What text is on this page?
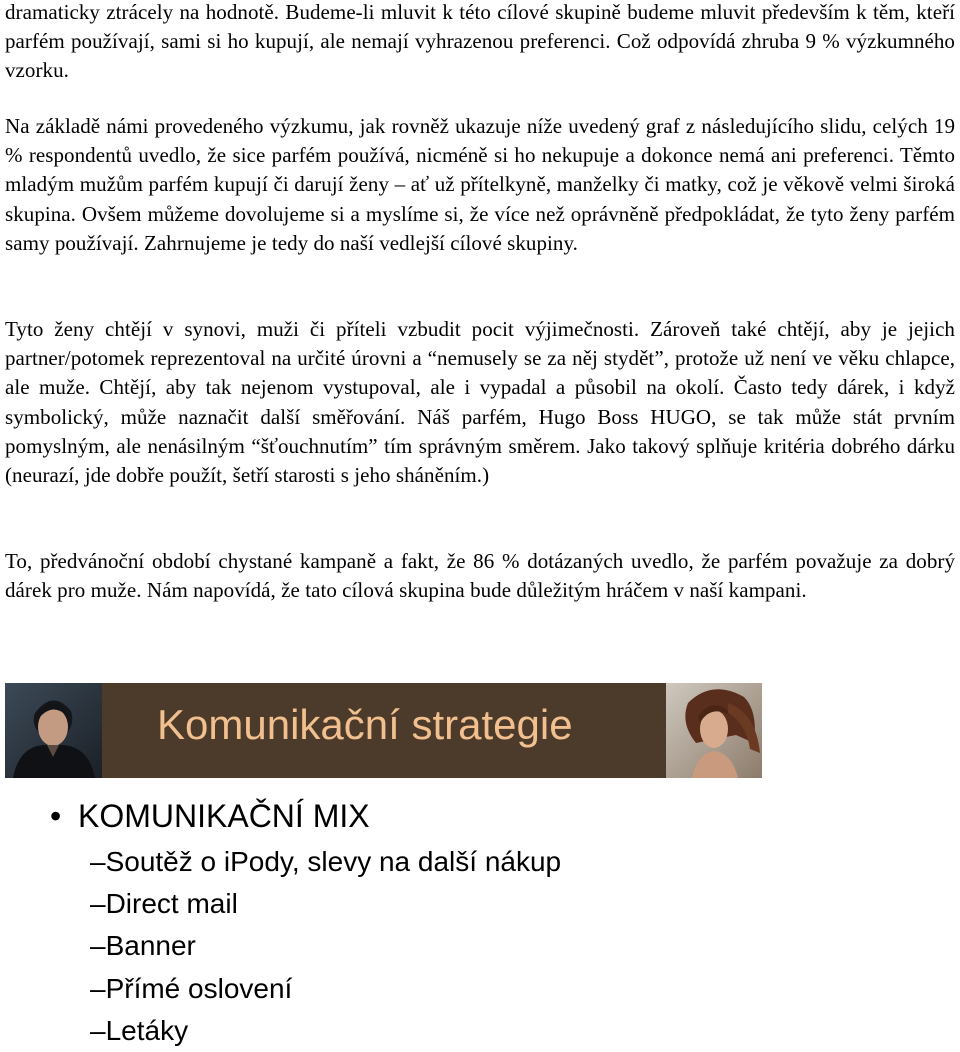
dramaticky ztrácely na hodnotě. Budeme-li mluvit k této cílové skupině budeme mluvit především k těm, kteří parfém používají, sami si ho kupují, ale nemají vyhrazenou preferenci. Což odpovídá zhruba 9 % výzkumného vzorku.

Na základě námi provedeného výzkumu, jak rovněž ukazuje níže uvedený graf z následujícího slidu, celých 19 % respondentů uvedlo, že sice parfém používá, nicméně si ho nekupuje a dokonce nemá ani preferenci. Těmto mladým mužům parfém kupují či darují ženy – ať už přítelkyně, manželky či matky, což je věkově velmi široká skupina. Ovšem můžeme dovolujeme si a myslíme si, že více než oprávněně předpokládat, že tyto ženy parfém samy používají. Zahrnujeme je tedy do naší vedlejší cílové skupiny.

Tyto ženy chtějí v synovi, muži či příteli vzbudit pocit výjimečnosti. Zároveň také chtějí, aby je jejich partner/potomek reprezentoval na určité úrovni a “nemusely se za něj stydět”, protože už není ve věku chlapce, ale muže. Chtějí, aby tak nejenom vystupoval, ale i vypadal a působil na okolí. Často tedy dárek, i když symbolický, může naznačit další směřování. Náš parfém, Hugo Boss HUGO, se tak může stát prvním pomyslným, ale nenásilným “šťouchnutím” tím správným směrem. Jako takový splňuje kritéria dobrého dárku (neurazí, jde dobře použít, šetří starosti s jeho sháněním.)

To, předvánoční období chystané kampaně a fakt, že 86 % dotázaných uvedlo, že parfém považuje za dobrý dárek pro muže. Nám napovídá, že tato cílová skupina bude důležitým hráčem v naší kampani.

Komunikační strategie
• KOMUNIKAČNÍ MIX
–Soutěž o iPody, slevy na další nákup
–Direct mail
–Banner
–Přímé oslovení
–Letáky
